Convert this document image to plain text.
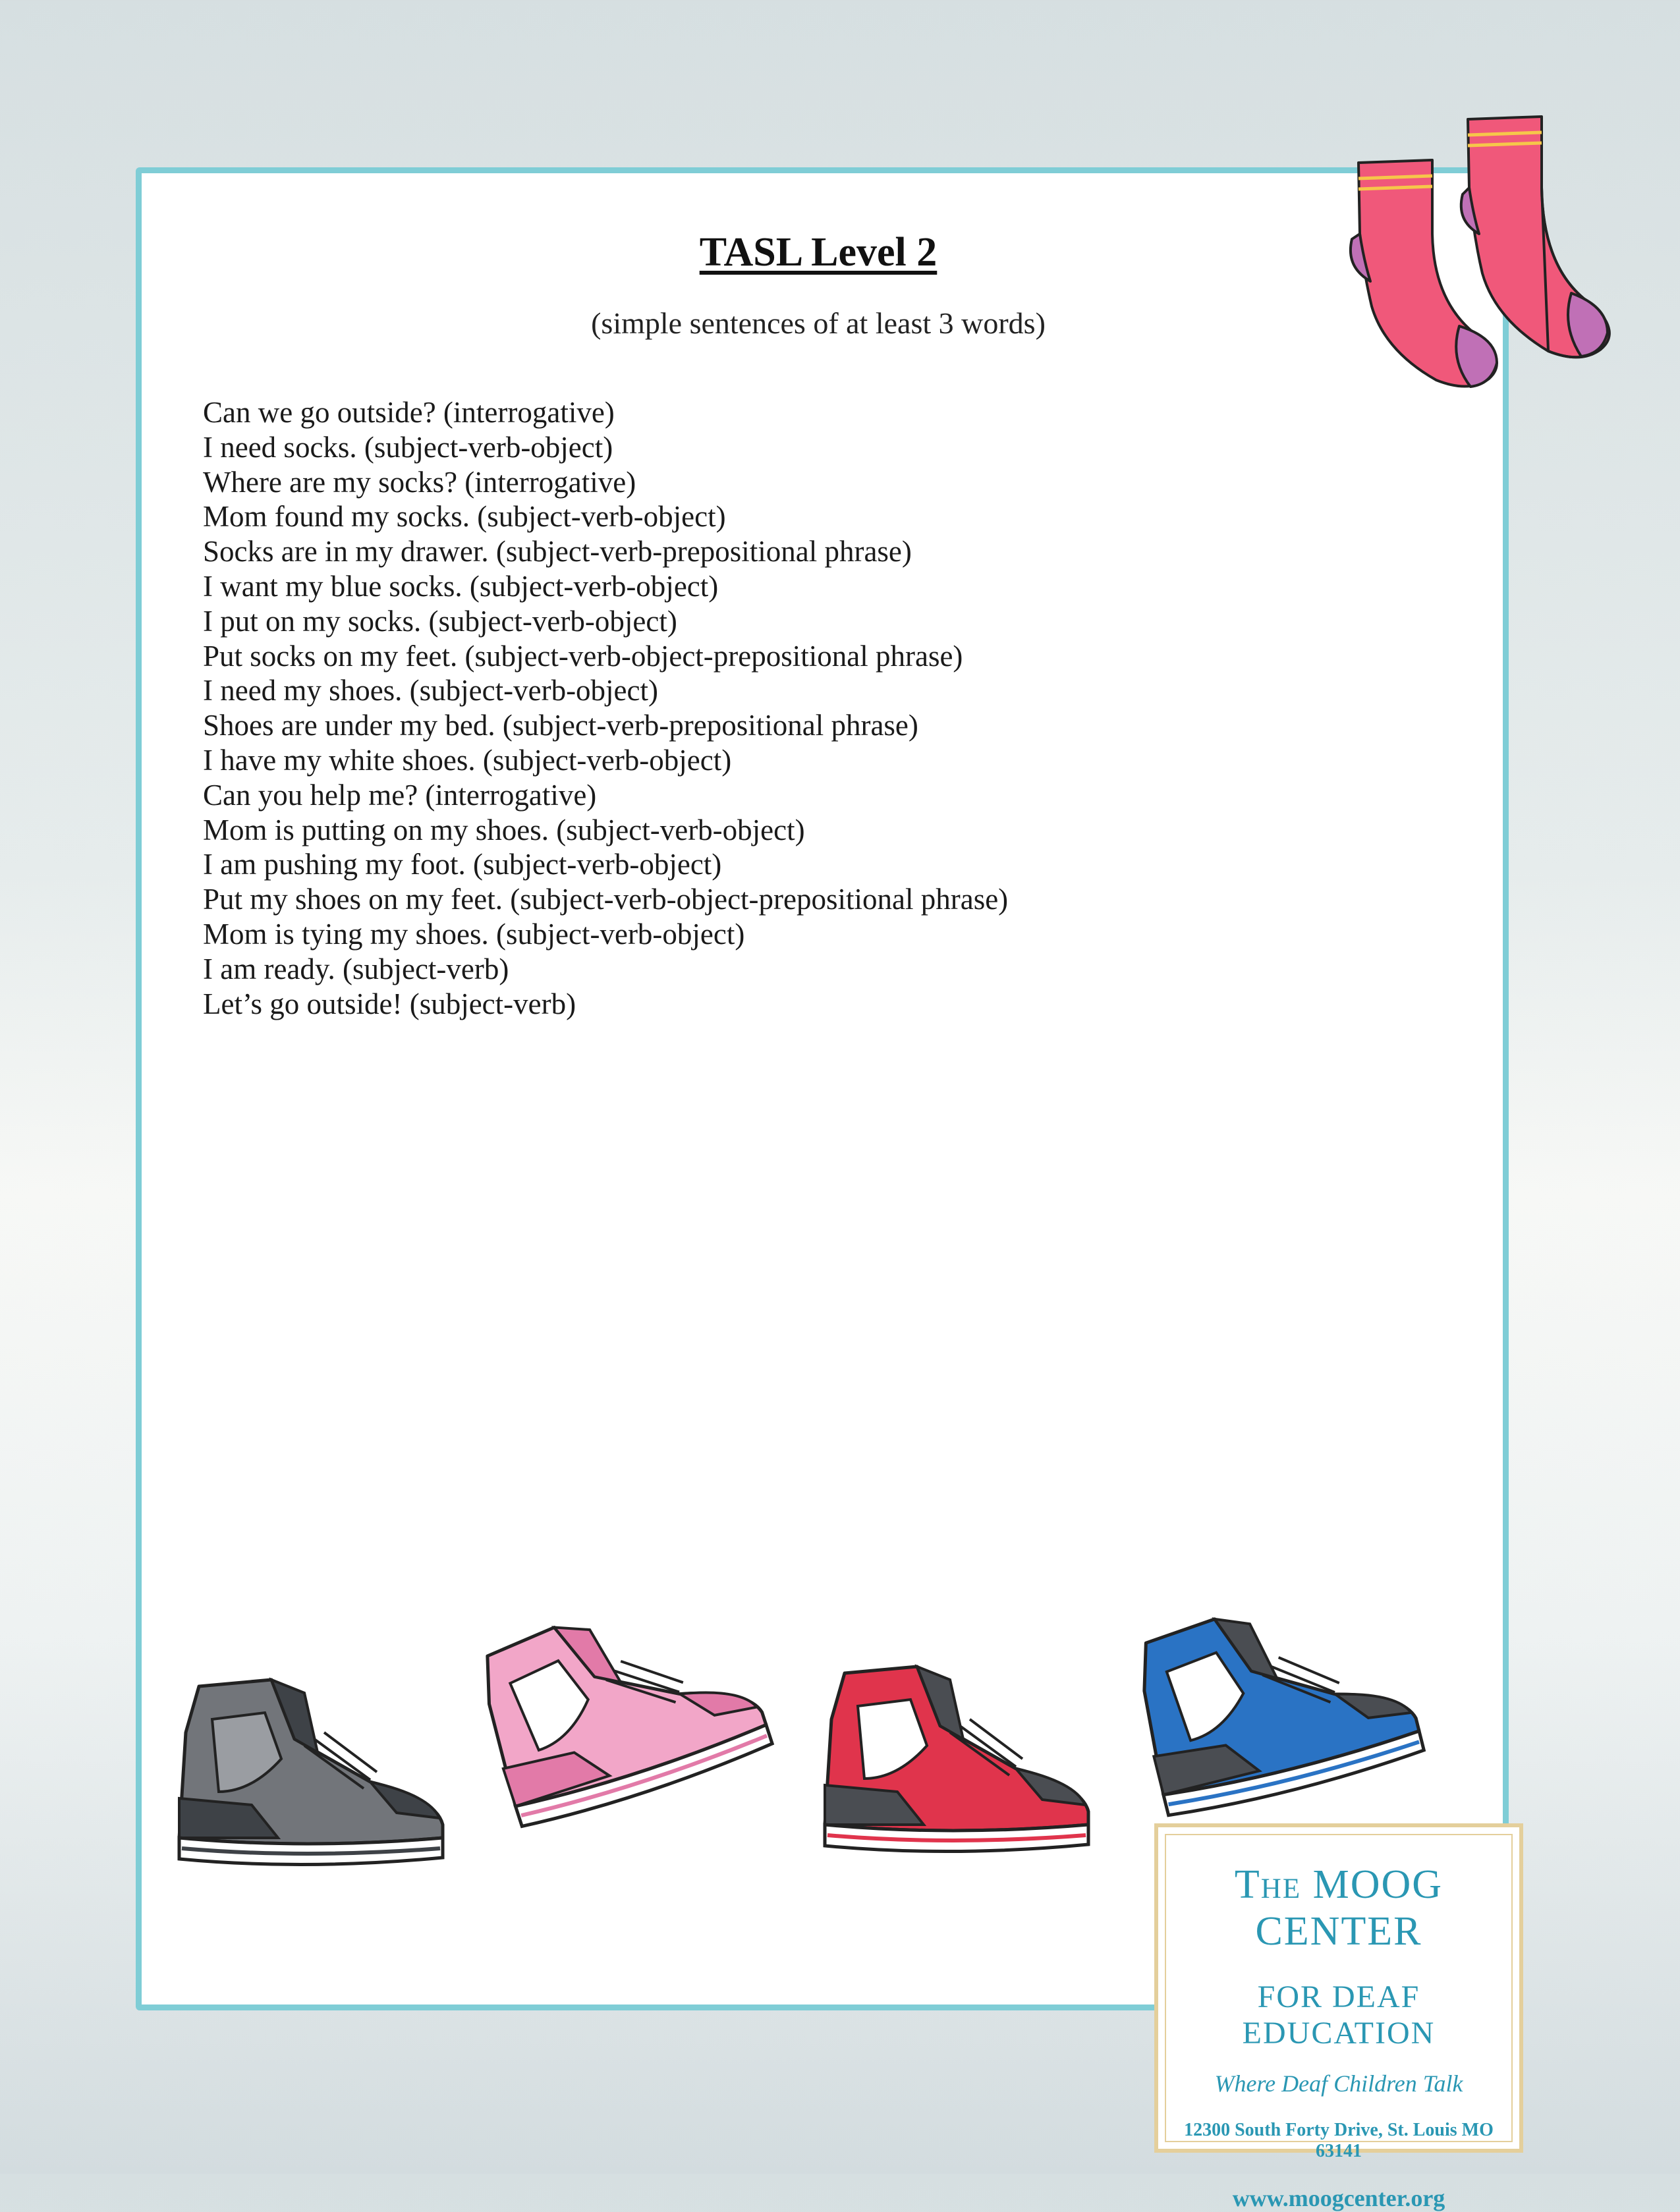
TASL Level 2

(simple sentences of at least 3 words)

Can we go outside? (interrogative)
I need socks. (subject-verb-object)
Where are my socks? (interrogative)
Mom found my socks. (subject-verb-object)
Socks are in my drawer. (subject-verb-prepositional phrase)
I want my blue socks. (subject-verb-object)
I put on my socks. (subject-verb-object)
Put socks on my feet. (subject-verb-object-prepositional phrase)
I need my shoes. (subject-verb-object)
Shoes are under my bed. (subject-verb-prepositional phrase)
I have my white shoes. (subject-verb-object)
Can you help me? (interrogative)
Mom is putting on my shoes. (subject-verb-object)
I am pushing my foot. (subject-verb-object)
Put my shoes on my feet. (subject-verb-object-prepositional phrase)
Mom is tying my shoes. (subject-verb-object)
I am ready. (subject-verb)
Let’s go outside! (subject-verb)
The MOOG CENTER
FOR DEAF EDUCATION
Where Deaf Children Talk
12300 South Forty Drive, St. Louis MO 63141
www.moogcenter.org
